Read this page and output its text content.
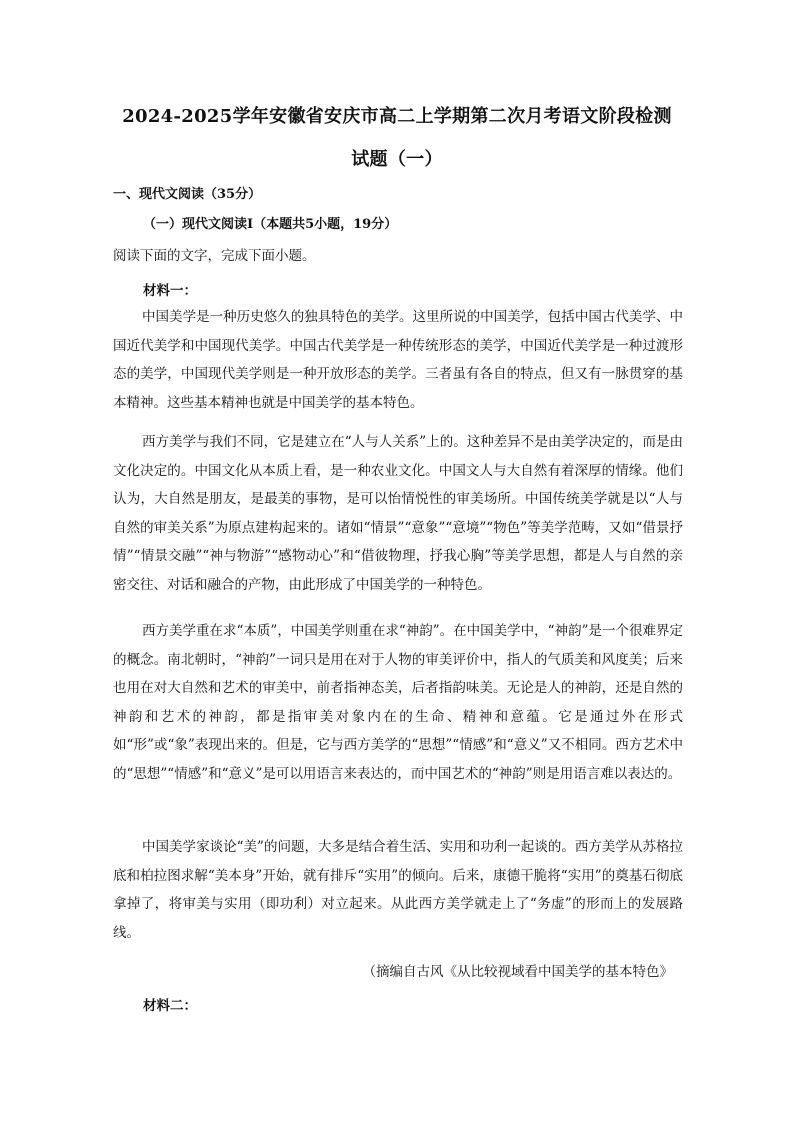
2024-2025学年安徽省安庆市高二上学期第二次月考语文阶段检测
试题（一）
一、现代文阅读（35分）
（一）现代文阅读I（本题共5小题，19分）
阅读下面的文字，完成下面小题。
材料一：

中国美学是一种历史悠久的独具特色的美学。这里所说的中国美学，包括中国古代美学、中国近代美学和中国现代美学。中国古代美学是一种传统形态的美学，中国近代美学是一种过渡形态的美学，中国现代美学则是一种开放形态的美学。三者虽有各自的特点，但又有一脉贯穿的基本精神。这些基本精神也就是中国美学的基本特色。

西方美学与我们不同，它是建立在“人与人关系”上的。这种差异不是由美学决定的，而是由文化决定的。中国文化从本质上看，是一种农业文化。中国文人与大自然有着深厚的情缘。他们认为，大自然是朋友，是最美的事物，是可以怡情悦性的审美场所。中国传统美学就是以“人与自然的审美关系”为原点建构起来的。诸如“情景”“意象”“意境”“物色”等美学范畴，又如“借景抒情”“情景交融”“神与物游”“感物动心”和“借彼物理，抒我心胸”等美学思想，都是人与自然的亲密交往、对话和融合的产物，由此形成了中国美学的一种特色。

西方美学重在求“本质”，中国美学则重在求“神韵”。在中国美学中，“神韵”是一个很难界定的概念。南北朝时，“神韵”一词只是用在对于人物的审美评价中，指人的气质美和风度美；后来也用在对大自然和艺术的审美中，前者指神态美，后者指韵味美。无论是人的神韵，还是自然的神韵和艺术的神韵，都是指审美对象内在的生命、精神和意蕴。它是通过外在形式如“形”或“象”表现出来的。但是，它与西方美学的“思想”“情感”和“意义”又不相同。西方艺术中的“思想”“情感”和“意义”是可以用语言来表达的，而中国艺术的“神韵”则是用语言难以表达的。

中国美学家谈论“美”的问题，大多是结合着生活、实用和功利一起谈的。西方美学从苏格拉底和柏拉图求解“美本身”开始，就有排斥“实用”的倾向。后来，康德干脆将“实用”的奠基石彻底拿掉了，将审美与实用（即功利）对立起来。从此西方美学就走上了“务虚”的形而上的发展路线。

（摘编自古风《从比较视域看中国美学的基本特色》
材料二：
